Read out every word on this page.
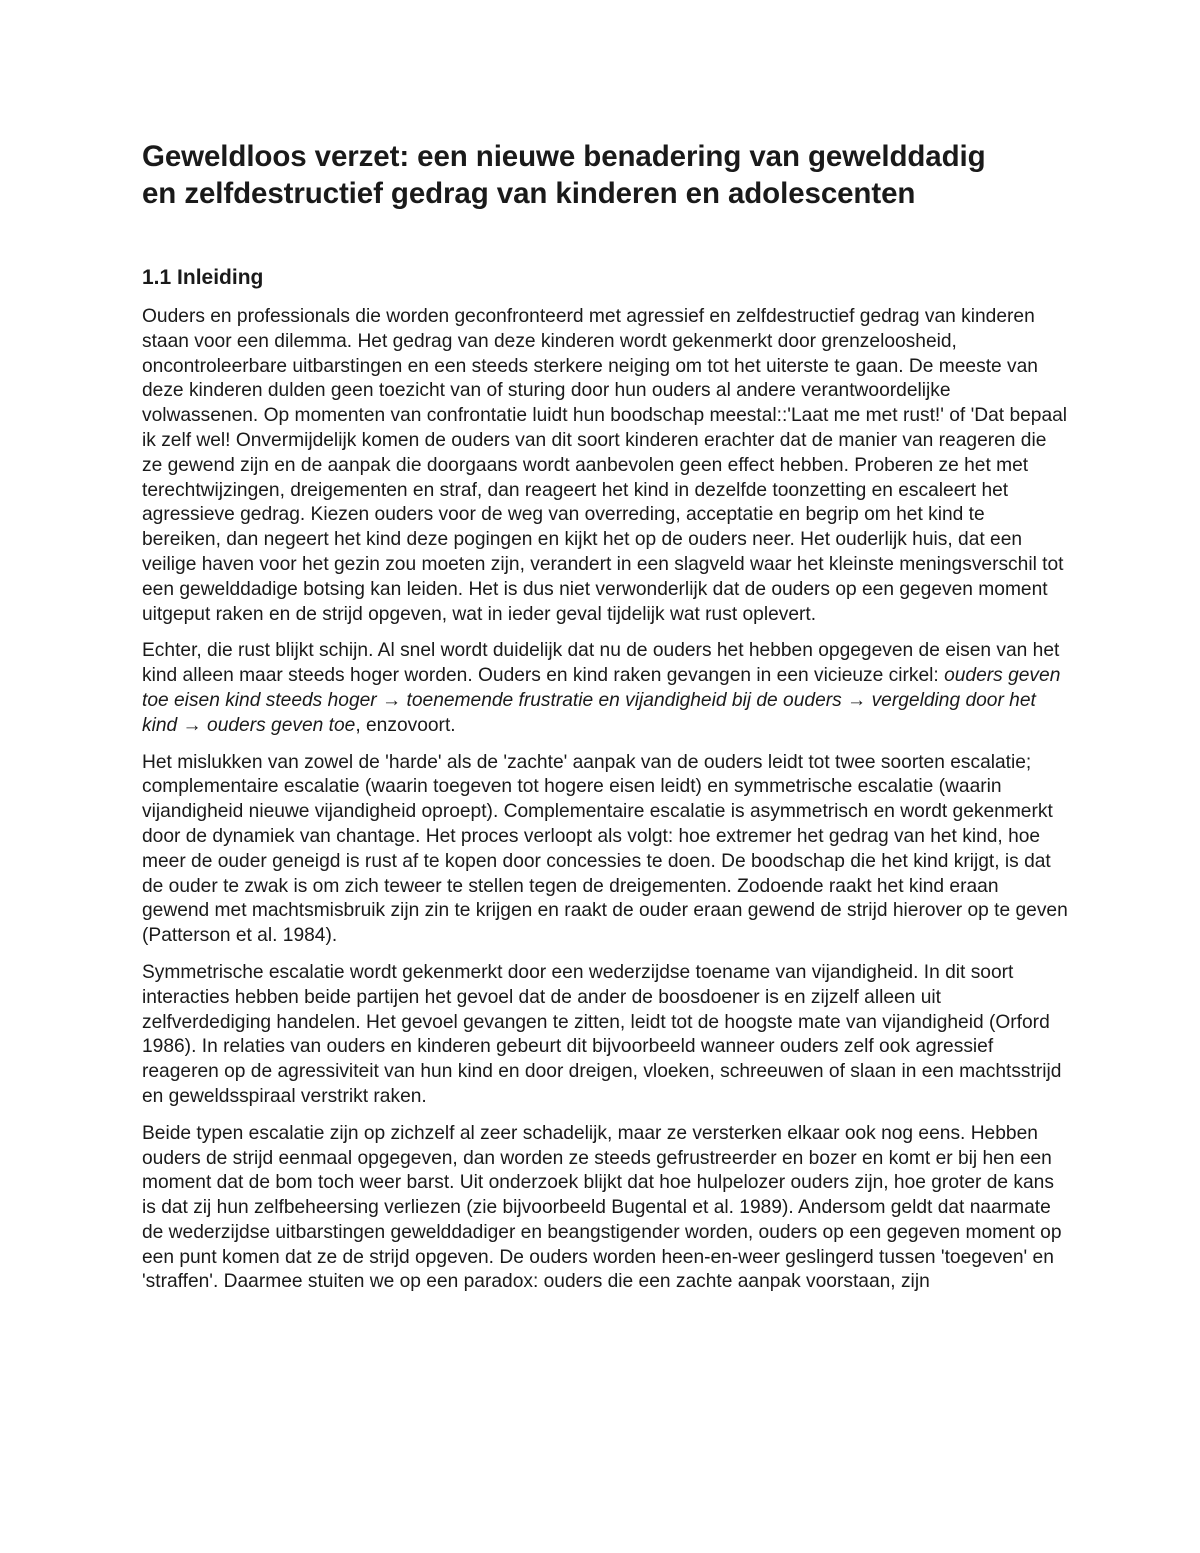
Geweldloos verzet: een nieuwe benadering van gewelddadig
en zelfdestructief gedrag van kinderen en adolescenten
1.1 Inleiding

Ouders en professionals die worden geconfronteerd met agressief en zelfdestructief gedrag van kinderen staan voor een dilemma. Het gedrag van deze kinderen wordt gekenmerkt door grenzeloosheid, oncontroleerbare uitbarstingen en een steeds sterkere neiging om tot het uiterste te gaan. De meeste van deze kinderen dulden geen toezicht van of sturing door hun ouders al andere verantwoordelijke volwassenen. Op momenten van confrontatie luidt hun boodschap meestal::'Laat me met rust!' of 'Dat bepaal ik zelf wel! Onvermijdelijk komen de ouders van dit soort kinderen erachter dat de manier van reageren die ze gewend zijn en de aanpak die doorgaans wordt aanbevolen geen effect hebben. Proberen ze het met terechtwijzingen, dreigementen en straf, dan reageert het kind in dezelfde toonzetting en escaleert het agressieve gedrag. Kiezen ouders voor de weg van overreding, acceptatie en begrip om het kind te bereiken, dan negeert het kind deze pogingen en kijkt het op de ouders neer. Het ouderlijk huis, dat een veilige haven voor het gezin zou moeten zijn, verandert in een slagveld waar het kleinste meningsverschil tot een gewelddadige botsing kan leiden. Het is dus niet verwonderlijk dat de ouders op een gegeven moment uitgeput raken en de strijd opgeven, wat in ieder geval tijdelijk wat rust oplevert.

Echter, die rust blijkt schijn. Al snel wordt duidelijk dat nu de ouders het hebben opgegeven de eisen van het kind alleen maar steeds hoger worden. Ouders en kind raken gevangen in een vicieuze cirkel: ouders geven toe eisen kind steeds hoger → toenemende frustratie en vijandigheid bij de ouders → vergelding door het kind → ouders geven toe, enzovoort.

Het mislukken van zowel de 'harde' als de 'zachte' aanpak van de ouders leidt tot twee soorten escalatie; complementaire escalatie (waarin toegeven tot hogere eisen leidt) en symmetrische escalatie (waarin vijandigheid nieuwe vijandigheid oproept). Complementaire escalatie is asymmetrisch en wordt gekenmerkt door de dynamiek van chantage. Het proces verloopt als volgt: hoe extremer het gedrag van het kind, hoe meer de ouder geneigd is rust af te kopen door concessies te doen. De boodschap die het kind krijgt, is dat de ouder te zwak is om zich teweer te stellen tegen de dreigementen. Zodoende raakt het kind eraan gewend met machtsmisbruik zijn zin te krijgen en raakt de ouder eraan gewend de strijd hierover op te geven (Patterson et al. 1984).

Symmetrische escalatie wordt gekenmerkt door een wederzijdse toename van vijandigheid. In dit soort interacties hebben beide partijen het gevoel dat de ander de boosdoener is en zijzelf alleen uit zelfverdediging handelen. Het gevoel gevangen te zitten, leidt tot de hoogste mate van vijandigheid (Orford 1986). In relaties van ouders en kinderen gebeurt dit bijvoorbeeld wanneer ouders zelf ook agressief reageren op de agressiviteit van hun kind en door dreigen, vloeken, schreeuwen of slaan in een machtsstrijd en geweldsspiraal verstrikt raken.

Beide typen escalatie zijn op zichzelf al zeer schadelijk, maar ze versterken elkaar ook nog eens. Hebben ouders de strijd eenmaal opgegeven, dan worden ze steeds gefrustreerder en bozer en komt er bij hen een moment dat de bom toch weer barst. Uit onderzoek blijkt dat hoe hulpelozer ouders zijn, hoe groter de kans is dat zij hun zelfbeheersing verliezen (zie bijvoorbeeld Bugental et al. 1989). Andersom geldt dat naarmate de wederzijdse uitbarstingen gewelddadiger en beangstigender worden, ouders op een gegeven moment op een punt komen dat ze de strijd opgeven. De ouders worden heen-en-weer geslingerd tussen 'toegeven' en 'straffen'. Daarmee stuiten we op een paradox: ouders die een zachte aanpak voorstaan, zijn
